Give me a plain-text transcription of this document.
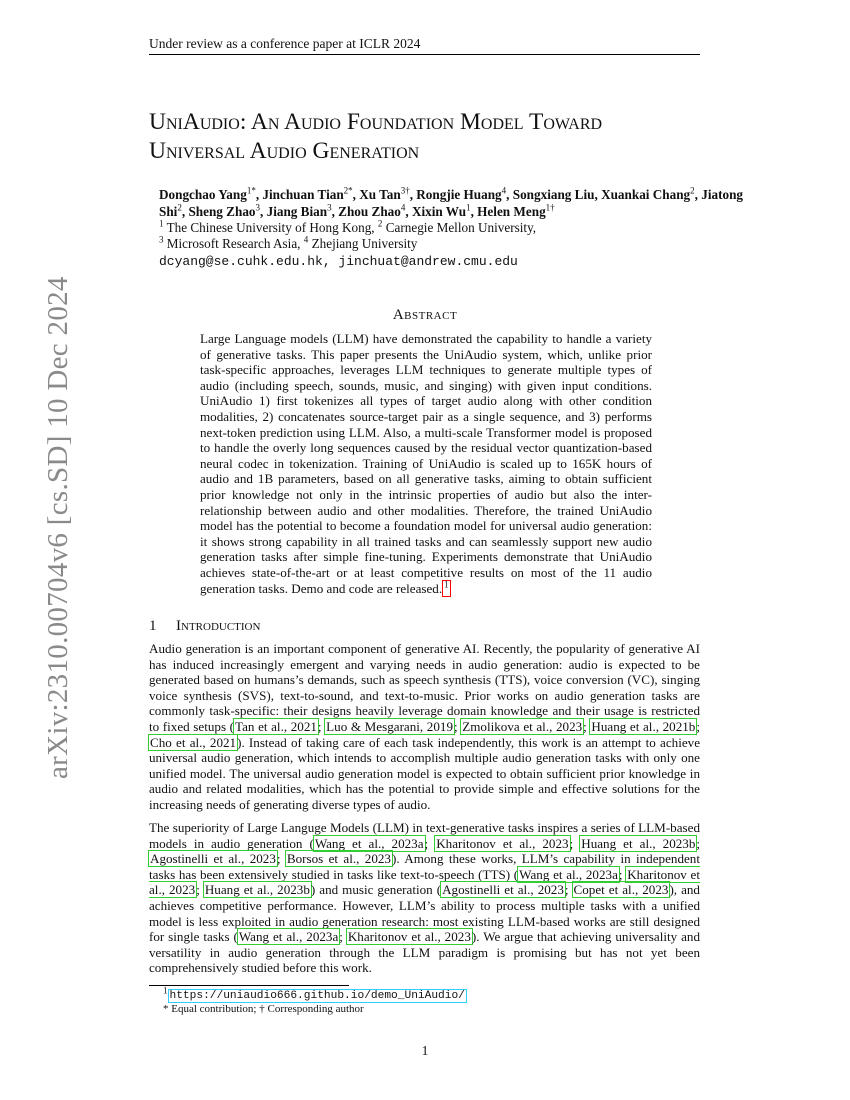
Under review as a conference paper at ICLR 2024
arXiv:2310.00704v6 [cs.SD] 10 Dec 2024
UniAudio: An Audio Foundation Model Toward
Universal Audio Generation
Dongchao Yang$^{1*}$, Jinchuan Tian$^{2*}$, Xu Tan$^{3\dagger}$, Rongjie Huang$^4$, Songxiang Liu, Xuankai Chang$^2$, Jiatong Shi$^2$, Sheng Zhao$^3$, Jiang Bian$^3$, Zhou Zhao$^4$, Xixin Wu$^1$, Helen Meng$^{1\dagger}$
$^1$ The Chinese University of Hong Kong, $^2$ Carnegie Mellon University,
$^3$ Microsoft Research Asia, $^4$ Zhejiang University
dcyang@se.cuhk.edu.hk, jinchuat@andrew.cmu.edu
Abstract
Large Language models (LLM) have demonstrated the capability to handle a variety of generative tasks. This paper presents the UniAudio system, which, unlike prior task-specific approaches, leverages LLM techniques to generate multiple types of audio (including speech, sounds, music, and singing) with given input conditions. UniAudio 1) first tokenizes all types of target audio along with other condition modalities, 2) concatenates source-target pair as a single sequence, and 3) performs next-token prediction using LLM. Also, a multi-scale Transformer model is proposed to handle the overly long sequences caused by the residual vector quantization-based neural codec in tokenization. Training of UniAudio is scaled up to 165K hours of audio and 1B parameters, based on all generative tasks, aiming to obtain sufficient prior knowledge not only in the intrinsic properties of audio but also the inter-relationship between audio and other modalities. Therefore, the trained UniAudio model has the potential to become a foundation model for universal audio generation: it shows strong capability in all trained tasks and can seamlessly support new audio generation tasks after simple fine-tuning. Experiments demonstrate that UniAudio achieves state-of-the-art or at least competitive results on most of the 11 audio generation tasks. Demo and code are released. $^1$
1 Introduction
Audio generation is an important component of generative AI. Recently, the popularity of generative AI has induced increasingly emergent and varying needs in audio generation: audio is expected to be generated based on humans’s demands, such as speech synthesis (TTS), voice conversion (VC), singing voice synthesis (SVS), text-to-sound, and text-to-music. Prior works on audio generation tasks are commonly task-specific: their designs heavily leverage domain knowledge and their usage is restricted to fixed setups (Tan et al., 2021; Luo & Mesgarani, 2019; Zmolikova et al., 2023; Huang et al., 2021b; Cho et al., 2021). Instead of taking care of each task independently, this work is an attempt to achieve universal audio generation, which intends to accomplish multiple audio generation tasks with only one unified model. The universal audio generation model is expected to obtain sufficient prior knowledge in audio and related modalities, which has the potential to provide simple and effective solutions for the increasing needs of generating diverse types of audio.
The superiority of Large Languge Models (LLM) in text-generative tasks inspires a series of LLM-based models in audio generation (Wang et al., 2023a; Kharitonov et al., 2023; Huang et al., 2023b; Agostinelli et al., 2023; Borsos et al., 2023). Among these works, LLM’s capability in independent tasks has been extensively studied in tasks like text-to-speech (TTS) (Wang et al., 2023a; Kharitonov et al., 2023; Huang et al., 2023b) and music generation (Agostinelli et al., 2023; Copet et al., 2023), and achieves competitive performance. However, LLM’s ability to process multiple tasks with a unified model is less exploited in audio generation research: most existing LLM-based works are still designed for single tasks (Wang et al., 2023a; Kharitonov et al., 2023). We argue that achieving universality and versatility in audio generation through the LLM paradigm is promising but has not yet been comprehensively studied before this work.
$^1$ https://uniaudio666.github.io/demo_UniAudio/
* Equal contribution; † Corresponding author
1
